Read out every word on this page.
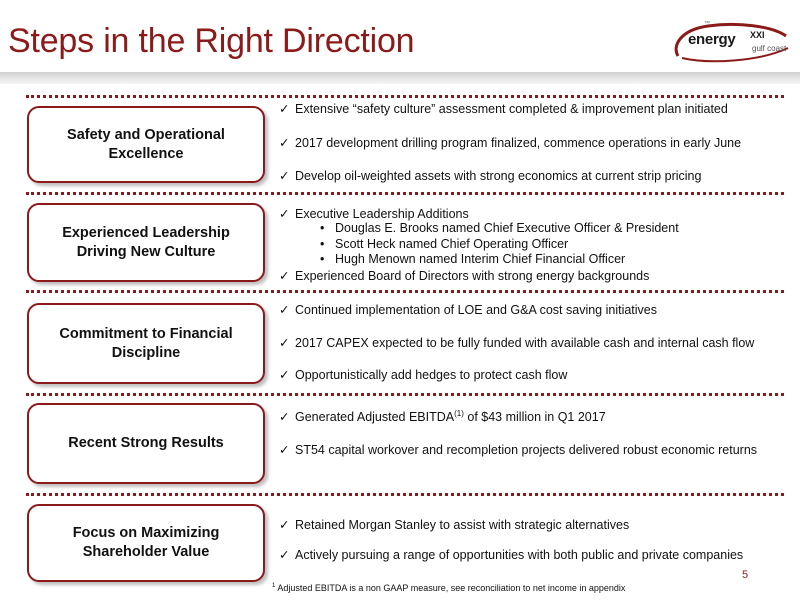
Steps in the Right Direction	™
energy XXI
gulf coast
Safety and Operational Excellence
✓ Extensive “safety culture” assessment completed & improvement plan initiated
✓ 2017 development drilling program finalized, commence operations in early June
✓ Develop oil-weighted assets with strong economics at current strip pricing
Experienced Leadership Driving New Culture
✓ Executive Leadership Additions
• Douglas E. Brooks named Chief Executive Officer & President
• Scott Heck named Chief Operating Officer
• Hugh Menown named Interim Chief Financial Officer
✓ Experienced Board of Directors with strong energy backgrounds
Commitment to Financial Discipline
✓ Continued implementation of LOE and G&A cost saving initiatives
✓ 2017 CAPEX expected to be fully funded with available cash and internal cash flow
✓ Opportunistically add hedges to protect cash flow
Recent Strong Results
✓ Generated Adjusted EBITDA$^{(1)}$ of $43 million in Q1 2017
✓ ST54 capital workover and recompletion projects delivered robust economic returns
Focus on Maximizing Shareholder Value
✓ Retained Morgan Stanley to assist with strategic alternatives
✓ Actively pursuing a range of opportunities with both public and private companies
5
$^1$ Adjusted EBITDA is a non GAAP measure, see reconciliation to net income in appendix
